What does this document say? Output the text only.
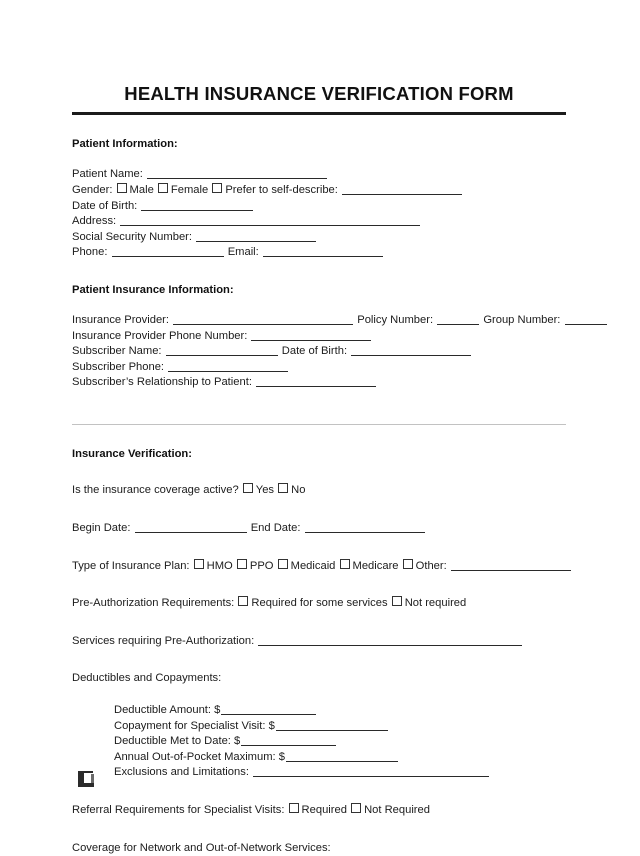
HEALTH INSURANCE VERIFICATION FORM
Patient Information:
Patient Name:
Gender: Male Female Prefer to self-describe:
Date of Birth:
Address:
Social Security Number:
Phone:	Email:
Patient Insurance Information:
Insurance Provider:	Policy Number:	Group Number:
Insurance Provider Phone Number:
Subscriber Name:	Date of Birth:
Subscriber Phone:
Subscriber’s Relationship to Patient:
Insurance Verification:
Is the insurance coverage active? Yes No
Begin Date:	End Date:
Type of Insurance Plan: HMO PPO Medicaid Medicare Other:
Pre-Authorization Requirements: Required for some services Not required
Services requiring Pre-Authorization:
Deductibles and Copayments:
Deductible Amount: $
Copayment for Specialist Visit: $
Deductible Met to Date: $
Annual Out-of-Pocket Maximum: $
Exclusions and Limitations:
Referral Requirements for Specialist Visits: Required Not Required
Coverage for Network and Out-of-Network Services:
